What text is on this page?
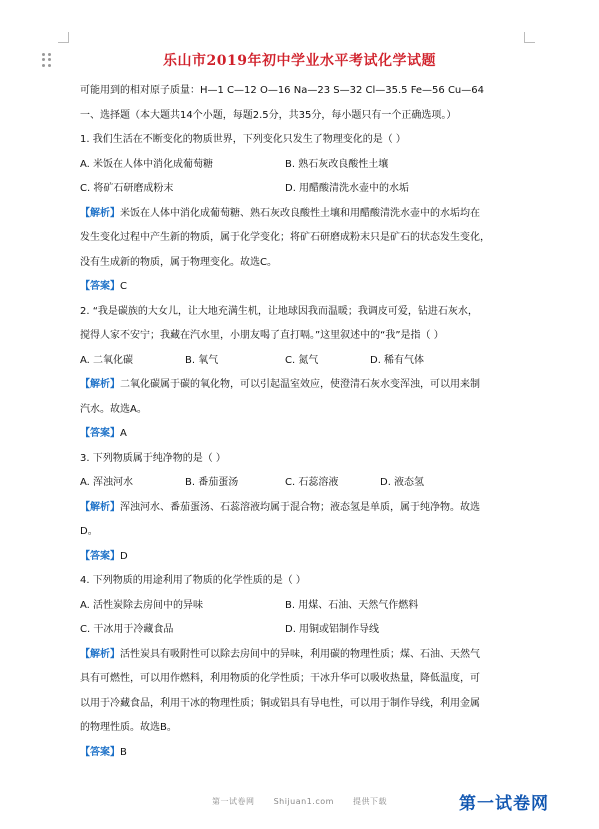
乐山市2019年初中学业水平考试化学试题
可能用到的相对原子质量：H—1 C—12 O—16 Na—23 S—32 Cl—35.5 Fe—56 Cu—64
一、选择题（本大题共14个小题，每题2.5分，共35分，每小题只有一个正确选项。）
1. 我们生活在不断变化的物质世界，下列变化只发生了物理变化的是（ ）
A. 米饭在人体中消化成葡萄糖	B. 熟石灰改良酸性土壤
C. 将矿石研磨成粉末	D. 用醋酸清洗水壶中的水垢
【解析】米饭在人体中消化成葡萄糖、熟石灰改良酸性土壤和用醋酸清洗水壶中的水垢均在
发生变化过程中产生新的物质，属于化学变化；将矿石研磨成粉末只是矿石的状态发生变化，
没有生成新的物质，属于物理变化。故选C。
【答案】C
2. “我是碳族的大女儿，让大地充满生机，让地球因我而温暖；我调皮可爱，钻进石灰水，
搅得人家不安宁；我藏在汽水里，小朋友喝了直打嗝。”这里叙述中的“我”是指（ ）
A. 二氧化碳	B. 氧气	C. 氮气	D. 稀有气体
【解析】二氧化碳属于碳的氧化物，可以引起温室效应，使澄清石灰水变浑浊，可以用来制
汽水。故选A。
【答案】A
3. 下列物质属于纯净物的是（ ）
A. 浑浊河水	B. 番茄蛋汤	C. 石蕊溶液	D. 液态氢
【解析】浑浊河水、番茄蛋汤、石蕊溶液均属于混合物；液态氢是单质，属于纯净物。故选
D。
【答案】D
4. 下列物质的用途利用了物质的化学性质的是（ ）
A. 活性炭除去房间中的异味	B. 用煤、石油、天然气作燃料
C. 干冰用于冷藏食品	D. 用铜或铝制作导线
【解析】活性炭具有吸附性可以除去房间中的异味，利用碳的物理性质；煤、石油、天然气
具有可燃性，可以用作燃料，利用物质的化学性质；干冰升华可以吸收热量，降低温度，可
以用于冷藏食品，利用干冰的物理性质；铜或铝具有导电性，可以用于制作导线，利用金属
的物理性质。故选B。
【答案】B
第一试卷网 Shijuan1.com 提供下载	第一试卷网
